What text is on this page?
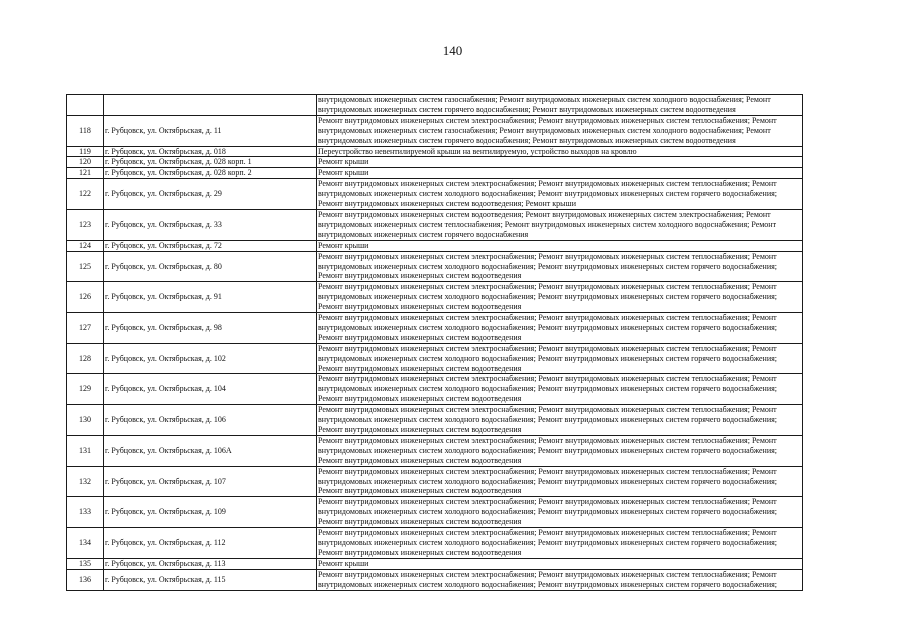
140

		внутридомовых инженерных систем газоснабжения; Ремонт внутридомовых инженерных систем холодного водоснабжения; Ремонт
внутридомовых инженерных систем горячего водоснабжения; Ремонт внутридомовых инженерных систем водоотведения

118	г. Рубцовск, ул. Октябрьская, д. 11	Ремонт внутридомовых инженерных систем электроснабжения; Ремонт внутридомовых инженерных систем теплоснабжения; Ремонт
внутридомовых инженерных систем газоснабжения; Ремонт внутридомовых инженерных систем холодного водоснабжения; Ремонт
внутридомовых инженерных систем горячего водоснабжения; Ремонт внутридомовых инженерных систем водоотведения

119	г. Рубцовск, ул. Октябрьская, д. 018	Переустройство невентилируемой крыши на вентилируемую, устройство выходов на кровлю

120	г. Рубцовск, ул. Октябрьская, д. 028 корп. 1	Ремонт крыши

121	г. Рубцовск, ул. Октябрьская, д. 028 корп. 2	Ремонт крыши

122	г. Рубцовск, ул. Октябрьская, д. 29	Ремонт внутридомовых инженерных систем электроснабжения; Ремонт внутридомовых инженерных систем теплоснабжения; Ремонт
внутридомовых инженерных систем холодного водоснабжения; Ремонт внутридомовых инженерных систем горячего водоснабжения;
Ремонт внутридомовых инженерных систем водоотведения; Ремонт крыши

123	г. Рубцовск, ул. Октябрьская, д. 33	Ремонт внутридомовых инженерных систем водоотведения; Ремонт внутридомовых инженерных систем электроснабжения; Ремонт
внутридомовых инженерных систем теплоснабжения; Ремонт внутридомовых инженерных систем холодного водоснабжения; Ремонт
внутридомовых инженерных систем горячего водоснабжения

124	г. Рубцовск, ул. Октябрьская, д. 72	Ремонт крыши

125	г. Рубцовск, ул. Октябрьская, д. 80	Ремонт внутридомовых инженерных систем электроснабжения; Ремонт внутридомовых инженерных систем теплоснабжения; Ремонт
внутридомовых инженерных систем холодного водоснабжения; Ремонт внутридомовых инженерных систем горячего водоснабжения;
Ремонт внутридомовых инженерных систем водоотведения

126	г. Рубцовск, ул. Октябрьская, д. 91	Ремонт внутридомовых инженерных систем электроснабжения; Ремонт внутридомовых инженерных систем теплоснабжения; Ремонт
внутридомовых инженерных систем холодного водоснабжения; Ремонт внутридомовых инженерных систем горячего водоснабжения;
Ремонт внутридомовых инженерных систем водоотведения

127	г. Рубцовск, ул. Октябрьская, д. 98	Ремонт внутридомовых инженерных систем электроснабжения; Ремонт внутридомовых инженерных систем теплоснабжения; Ремонт
внутридомовых инженерных систем холодного водоснабжения; Ремонт внутридомовых инженерных систем горячего водоснабжения;
Ремонт внутридомовых инженерных систем водоотведения

128	г. Рубцовск, ул. Октябрьская, д. 102	Ремонт внутридомовых инженерных систем электроснабжения; Ремонт внутридомовых инженерных систем теплоснабжения; Ремонт
внутридомовых инженерных систем холодного водоснабжения; Ремонт внутридомовых инженерных систем горячего водоснабжения;
Ремонт внутридомовых инженерных систем водоотведения

129	г. Рубцовск, ул. Октябрьская, д. 104	Ремонт внутридомовых инженерных систем электроснабжения; Ремонт внутридомовых инженерных систем теплоснабжения; Ремонт
внутридомовых инженерных систем холодного водоснабжения; Ремонт внутридомовых инженерных систем горячего водоснабжения;
Ремонт внутридомовых инженерных систем водоотведения

130	г. Рубцовск, ул. Октябрьская, д. 106	Ремонт внутридомовых инженерных систем электроснабжения; Ремонт внутридомовых инженерных систем теплоснабжения; Ремонт
внутридомовых инженерных систем холодного водоснабжения; Ремонт внутридомовых инженерных систем горячего водоснабжения;
Ремонт внутридомовых инженерных систем водоотведения

131	г. Рубцовск, ул. Октябрьская, д. 106А	Ремонт внутридомовых инженерных систем электроснабжения; Ремонт внутридомовых инженерных систем теплоснабжения; Ремонт
внутридомовых инженерных систем холодного водоснабжения; Ремонт внутридомовых инженерных систем горячего водоснабжения;
Ремонт внутридомовых инженерных систем водоотведения

132	г. Рубцовск, ул. Октябрьская, д. 107	Ремонт внутридомовых инженерных систем электроснабжения; Ремонт внутридомовых инженерных систем теплоснабжения; Ремонт
внутридомовых инженерных систем холодного водоснабжения; Ремонт внутридомовых инженерных систем горячего водоснабжения;
Ремонт внутридомовых инженерных систем водоотведения

133	г. Рубцовск, ул. Октябрьская, д. 109	Ремонт внутридомовых инженерных систем электроснабжения; Ремонт внутридомовых инженерных систем теплоснабжения; Ремонт
внутридомовых инженерных систем холодного водоснабжения; Ремонт внутридомовых инженерных систем горячего водоснабжения;
Ремонт внутридомовых инженерных систем водоотведения

134	г. Рубцовск, ул. Октябрьская, д. 112	Ремонт внутридомовых инженерных систем электроснабжения; Ремонт внутридомовых инженерных систем теплоснабжения; Ремонт
внутридомовых инженерных систем холодного водоснабжения; Ремонт внутридомовых инженерных систем горячего водоснабжения;
Ремонт внутридомовых инженерных систем водоотведения

135	г. Рубцовск, ул. Октябрьская, д. 113	Ремонт крыши

136	г. Рубцовск, ул. Октябрьская, д. 115	Ремонт внутридомовых инженерных систем электроснабжения; Ремонт внутридомовых инженерных систем теплоснабжения; Ремонт
внутридомовых инженерных систем холодного водоснабжения; Ремонт внутридомовых инженерных систем горячего водоснабжения;
